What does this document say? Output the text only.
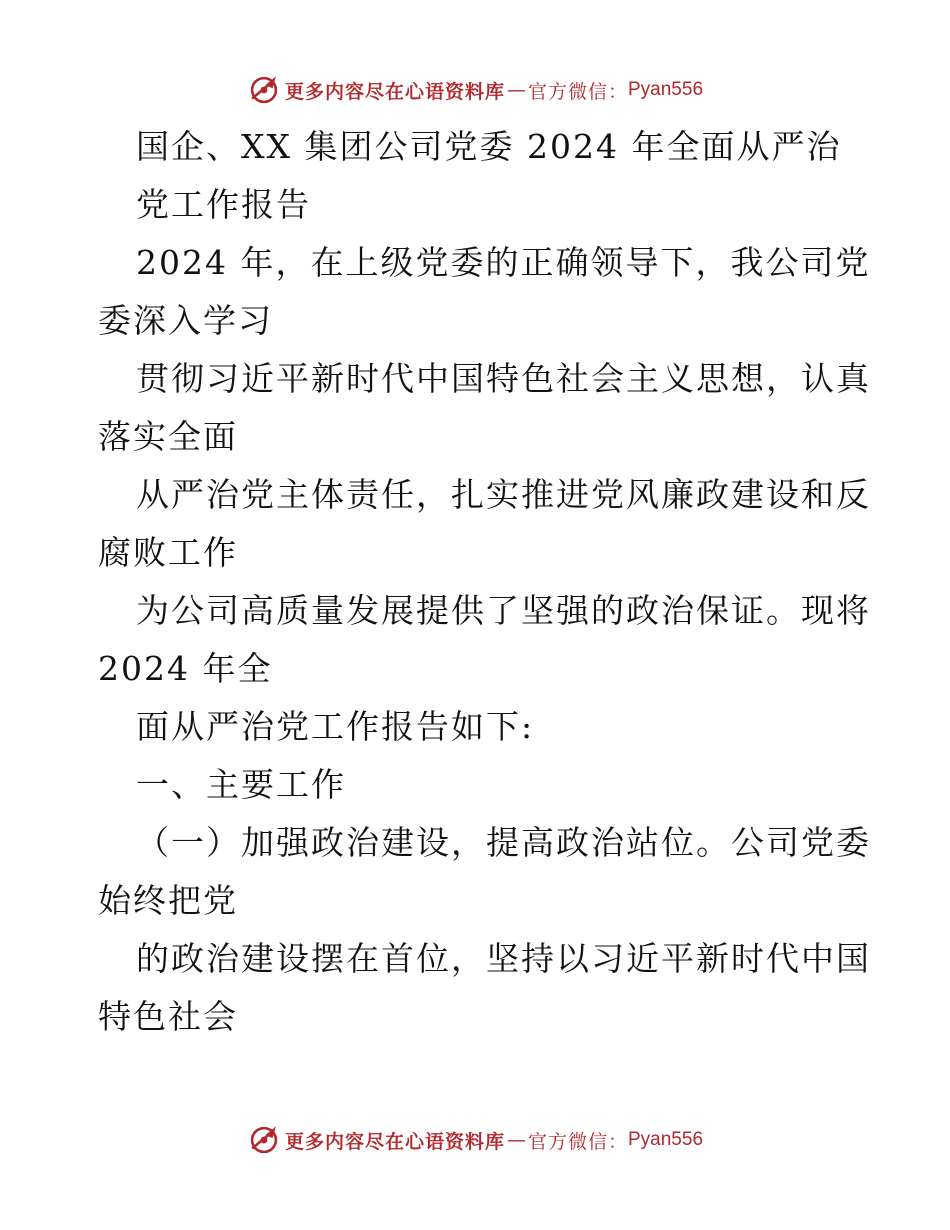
更多内容尽在心语资料库 — 官方微信： Pyan556
国企、XX 集团公司党委 2024 年全面从严治
党工作报告
2024 年，在上级党委的正确领导下，我公司党
委深入学习
贯彻习近平新时代中国特色社会主义思想，认真
落实全面
从严治党主体责任，扎实推进党风廉政建设和反
腐败工作
为公司高质量发展提供了坚强的政治保证。现将
2024 年全
面从严治党工作报告如下:
一、主要工作
（一）加强政治建设，提高政治站位。公司党委
始终把党
的政治建设摆在首位，坚持以习近平新时代中国
特色社会
更多内容尽在心语资料库 — 官方微信： Pyan556
